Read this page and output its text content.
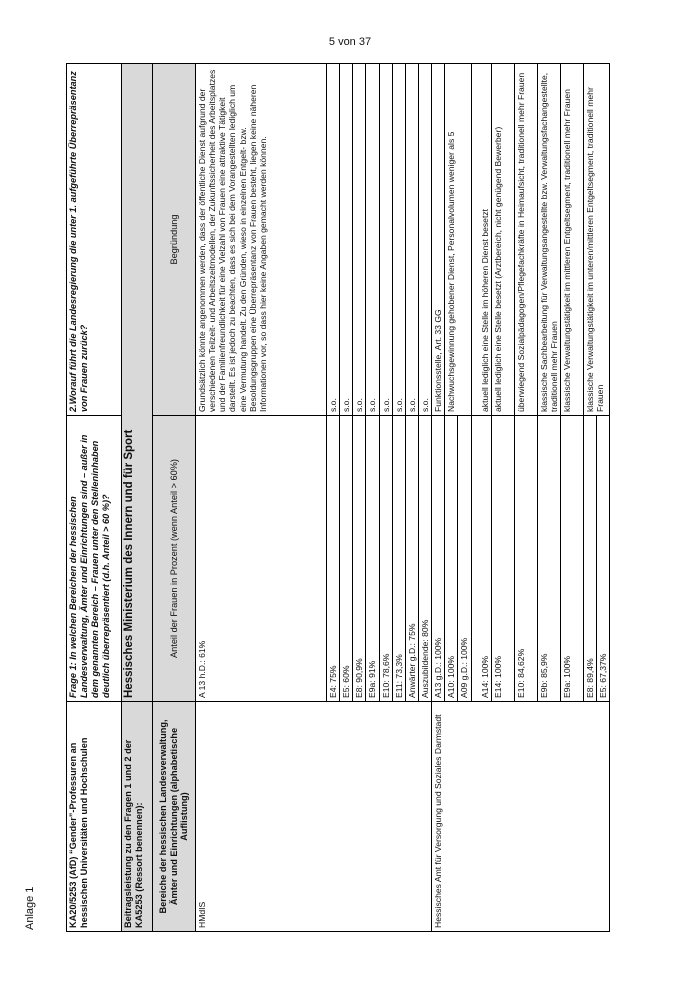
5 von 37
Anlage 1	KA20/5253 (AfD) “Gender”-Professuren an hessischen Universitäten und Hochschulen	Frage 1: In welchen Bereichen der hessischen Landesverwaltung, Ämter und Einrichtungen sind – außer in dem genannten Bereich – Frauen unter den Stelleninhaben deutlich überrepräsentiert (d.h. Anteil > 60 %)?	2.Worauf führt die Landesregierung die unter 1. aufgeführte Überrepräsentanz von Frauen zurück?
Beitragsleistung zu den Fragen 1 und 2 der KA5253 (Ressort benennen):	Hessisches Ministerium des Innern und für Sport	
Bereiche der hessischen Landesverwaltung, Ämter und Einrichtungen (alphabetische Auflistung)	Anteil der Frauen in Prozent (wenn Anteil > 60%)	Begründung
HMdIS	A 13 h.D.: 61%	Grundsätzlich könnte angenommen werden, dass der öffentliche Dienst aufgrund der verschiedenen Teilzeit- und Arbeitszeitmodellen, der Zukunftssicherheit des Arbeitsplatzes und der Familienfreundlichkeit für eine Vielzahl von Frauen eine attraktive Tätigkeit darstellt. Es ist jedoch zu beachten, dass es sich bei dem Vorangestellten lediglich um eine Vermutung handelt. Zu den Gründen, wieso in einzelnen Entgelt- bzw. Besoldungsgruppen eine Überrepräsentanz von Frauen besteht, liegen keine näheren Informationen vor, so dass hier keine Angaben gemacht werden können.
	E4: 75%	s.o.
	E5: 60%	s.o.
	E8: 90,9%	s.o.
	E9a: 91%	s.o.
	E10: 78,6%	s.o.
	E11: 73,3%	s.o.
	Anwärter g.D.: 75%	s.o.
	Auszubildende: 80%	s.o.
Hessisches Amt für Versorgung und Soziales Darmstadt	A13 g.D.: 100%	Funktionsstelle, Art. 33 GG
	A10: 100%	Nachwuchsgewinnung gehobener Dienst, Personalvolumen weniger als 5
	A09 g.D.: 100%	
	A14: 100%	aktuell lediglich eine Stelle im höheren Dienst besetzt
	E14: 100%	aktuell lediglich eine Stelle besetzt (Arztbereich, nicht genügend Bewerber)
	E10: 84,62%	überwiegend Sozialpädagogen/Pflegefachkräfte in Heimaufsicht, traditionell mehr Frauen
	E9b: 85,9%	klassische Sachbearbeitung für Verwaltungsangestellte bzw. Verwaltungsfachangestellte, traditionell mehr Frauen
	E9a: 100%	klassische Verwaltungstätigkeit im mittleren Entgeltsegment, traditionell mehr Frauen
	E8: 89,4%	klassische Verwaltungstätigkeit im unteren/mittleren Entgeltsegment, traditionell mehr Frauen
	E5: 67,37%	
